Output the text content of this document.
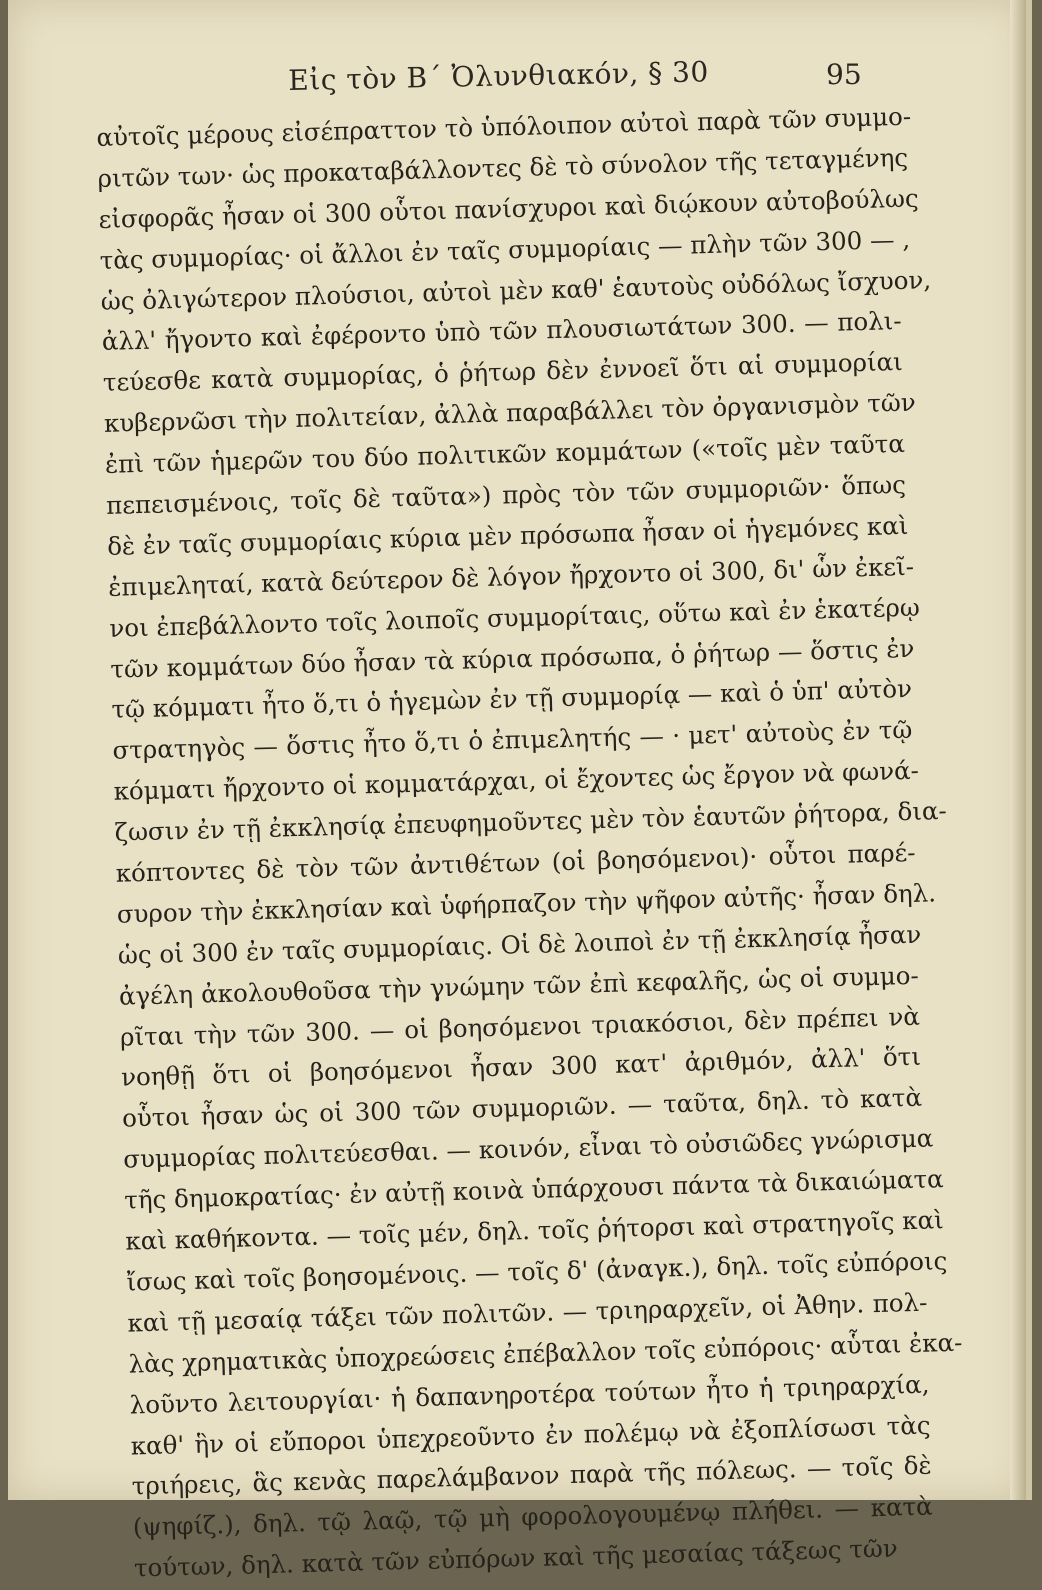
Εἰς τὸν Β΄ Ὀλυνθιακόν, § 30	95
αὐτοῖς μέρους εἰσέπραττον τὸ ὑπόλοιπον αὐτοὶ παρὰ τῶν συμμο-
ριτῶν των· ὡς προκαταβάλλοντες δὲ τὸ σύνολον τῆς τεταγμένης
εἰσφορᾶς ἦσαν οἱ 300 οὗτοι πανίσχυροι καὶ διῴκουν αὐτοβούλως
τὰς συμμορίας· οἱ ἄλλοι ἐν ταῖς συμμορίαις — πλὴν τῶν 300 — ,
ὡς ὀλιγώτερον πλούσιοι, αὐτοὶ μὲν καθ' ἑαυτοὺς οὐδόλως ἴσχυον,
ἀλλ' ἤγοντο καὶ ἐφέροντο ὑπὸ τῶν πλουσιωτάτων 300. — πολι-
τεύεσθε κατὰ συμμορίας, ὁ ῥήτωρ δὲν ἐννοεῖ ὅτι αἱ συμμορίαι
κυβερνῶσι τὴν πολιτείαν, ἀλλὰ παραβάλλει τὸν ὀργανισμὸν τῶν
ἐπὶ τῶν ἡμερῶν του δύο πολιτικῶν κομμάτων («τοῖς μὲν ταῦτα
πεπεισμένοις, τοῖς δὲ ταῦτα») πρὸς τὸν τῶν συμμοριῶν· ὅπως
δὲ ἐν ταῖς συμμορίαις κύρια μὲν πρόσωπα ἦσαν οἱ ἡγεμόνες καὶ
ἐπιμεληταί, κατὰ δεύτερον δὲ λόγον ἤρχοντο οἱ 300, δι' ὧν ἐκεῖ-
νοι ἐπεβάλλοντο τοῖς λοιποῖς συμμορίταις, οὕτω καὶ ἐν ἑκατέρῳ
τῶν κομμάτων δύο ἦσαν τὰ κύρια πρόσωπα, ὁ ῥήτωρ — ὅστις ἐν
τῷ κόμματι ἦτο ὅ,τι ὁ ἡγεμὼν ἐν τῇ συμμορίᾳ — καὶ ὁ ὑπ' αὐτὸν
στρατηγὸς — ὅστις ἦτο ὅ,τι ὁ ἐπιμελητής — · μετ' αὐτοὺς ἐν τῷ
κόμματι ἤρχοντο οἱ κομματάρχαι, οἱ ἔχοντες ὡς ἔργον νὰ φωνά-
ζωσιν ἐν τῇ ἐκκλησίᾳ ἐπευφημοῦντες μὲν τὸν ἑαυτῶν ῥήτορα, δια-
κόπτοντες δὲ τὸν τῶν ἀντιθέτων (οἱ βοησόμενοι)· οὗτοι παρέ-
συρον τὴν ἐκκλησίαν καὶ ὑφήρπαζον τὴν ψῆφον αὐτῆς· ἦσαν δηλ.
ὡς οἱ 300 ἐν ταῖς συμμορίαις. Οἱ δὲ λοιποὶ ἐν τῇ ἐκκλησίᾳ ἦσαν
ἀγέλη ἀκολουθοῦσα τὴν γνώμην τῶν ἐπὶ κεφαλῆς, ὡς οἱ συμμο-
ρῖται τὴν τῶν 300. — οἱ βοησόμενοι τριακόσιοι, δὲν πρέπει νὰ
νοηθῇ ὅτι οἱ βοησόμενοι ἦσαν 300 κατ' ἀριθμόν, ἀλλ' ὅτι
οὗτοι ἦσαν ὡς οἱ 300 τῶν συμμοριῶν. — ταῦτα, δηλ. τὸ κατὰ
συμμορίας πολιτεύεσθαι. — κοινόν, εἶναι τὸ οὐσιῶδες γνώρισμα
τῆς δημοκρατίας· ἐν αὐτῇ κοινὰ ὑπάρχουσι πάντα τὰ δικαιώματα
καὶ καθήκοντα. — τοῖς μέν, δηλ. τοῖς ῥήτορσι καὶ στρατηγοῖς καὶ
ἴσως καὶ τοῖς βοησομένοις. — τοῖς δ' (ἀναγκ.), δηλ. τοῖς εὐπόροις
καὶ τῇ μεσαίᾳ τάξει τῶν πολιτῶν. — τριηραρχεῖν, οἱ Ἀθην. πολ-
λὰς χρηματικὰς ὑποχρεώσεις ἐπέβαλλον τοῖς εὐπόροις· αὗται ἐκα-
λοῦντο λειτουργίαι· ἡ δαπανηροτέρα τούτων ἦτο ἡ τριηραρχία,
καθ' ἣν οἱ εὔποροι ὑπεχρεοῦντο ἐν πολέμῳ νὰ ἐξοπλίσωσι τὰς
τριήρεις, ἃς κενὰς παρελάμβανον παρὰ τῆς πόλεως. — τοῖς δὲ
(ψηφίζ.), δηλ. τῷ λαῷ, τῷ μὴ φορολογουμένῳ πλήθει. — κατὰ
τούτων, δηλ. κατὰ τῶν εὐπόρων καὶ τῆς μεσαίας τάξεως τῶν
